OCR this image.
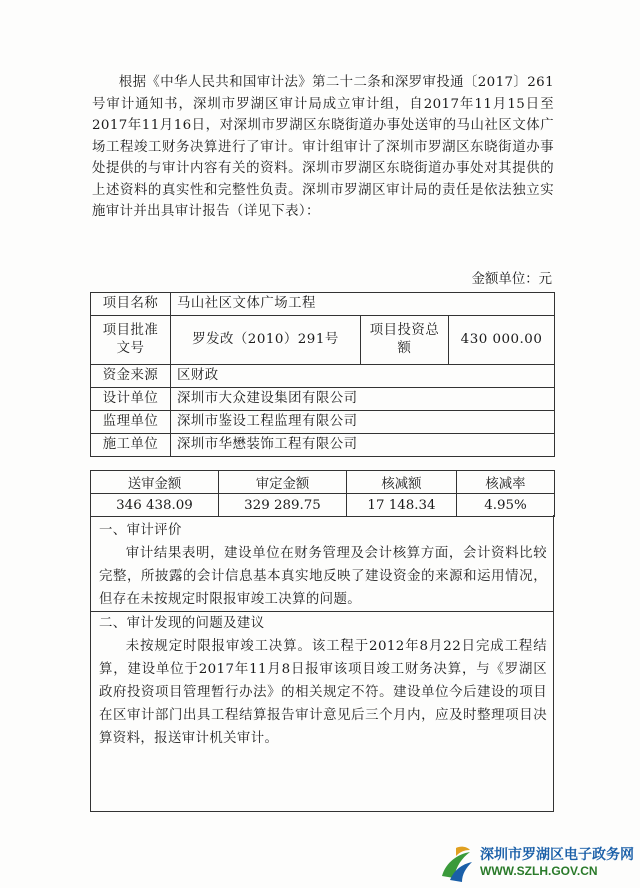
根据《中华人民共和国审计法》第二十二条和深罗审投通〔2017〕261号审计通知书，深圳市罗湖区审计局成立审计组，自2017年11月15日至2017年11月16日，对深圳市罗湖区东晓街道办事处送审的马山社区文体广场工程竣工财务决算进行了审计。审计组审计了深圳市罗湖区东晓街道办事处提供的与审计内容有关的资料。深圳市罗湖区东晓街道办事处对其提供的上述资料的真实性和完整性负责。深圳市罗湖区审计局的责任是依法独立实施审计并出具审计报告（详见下表）：

金额单位：元
项目名称	马山社区文体广场工程		
项目批准文号	罗发改（2010）291号	项目投资总额	430 000.00
资金来源	区财政		
设计单位	深圳市大众建设集团有限公司		
监理单位	深圳市鉴设工程监理有限公司		
施工单位	深圳市华懋装饰工程有限公司		
送审金额	审定金额	核减额	核减率
346 438.09	329 289.75	17 148.34	4.95%

一、审计评价

审计结果表明，建设单位在财务管理及会计核算方面，会计资料比较完整，所披露的会计信息基本真实地反映了建设资金的来源和运用情况，但存在未按规定时限报审竣工决算的问题。

二、审计发现的问题及建议

未按规定时限报审竣工决算。该工程于2012年8月22日完成工程结算，建设单位于2017年11月8日报审该项目竣工财务决算，与《罗湖区政府投资项目管理暂行办法》的相关规定不符。建设单位今后建设的项目在区审计部门出具工程结算报告审计意见后三个月内，应及时整理项目决算资料，报送审计机关审计。

深圳市罗湖区电子政务网
WWW.SZLH.GOV.CN
